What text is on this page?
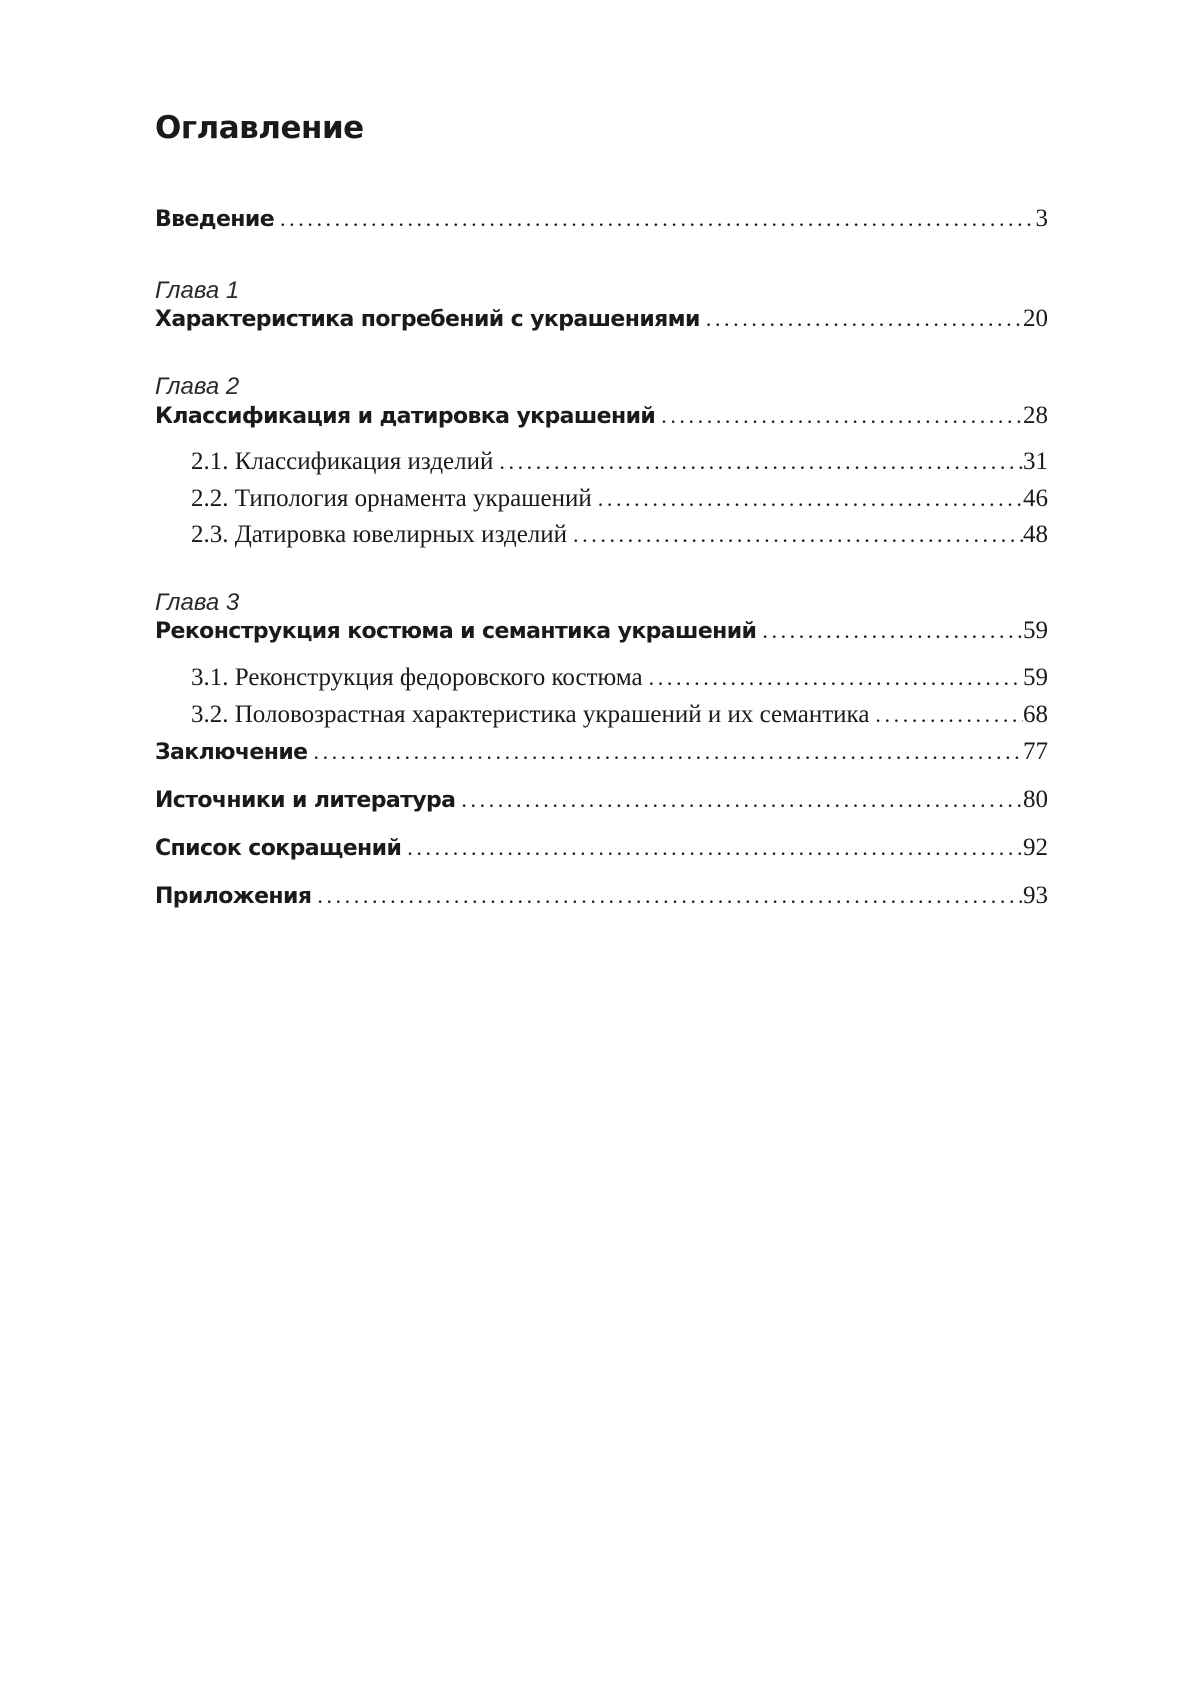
Оглавление
Введение .....	3
Глава 1
Характеристика погребений с украшениями .....	20
Глава 2
Классификация и датировка украшений .....	28
2.1. Классификация изделий .....	31
2.2. Типология орнамента украшений .....	46
2.3. Датировка ювелирных изделий .....	48
Глава 3
Реконструкция костюма и семантика украшений .....	59
3.1. Реконструкция федоровского костюма .....	59
3.2. Половозрастная характеристика украшений и их семантика .....	68
Заключение .....	77
Источники и литература .....	80
Список сокращений .....	92
Приложения .....	93
